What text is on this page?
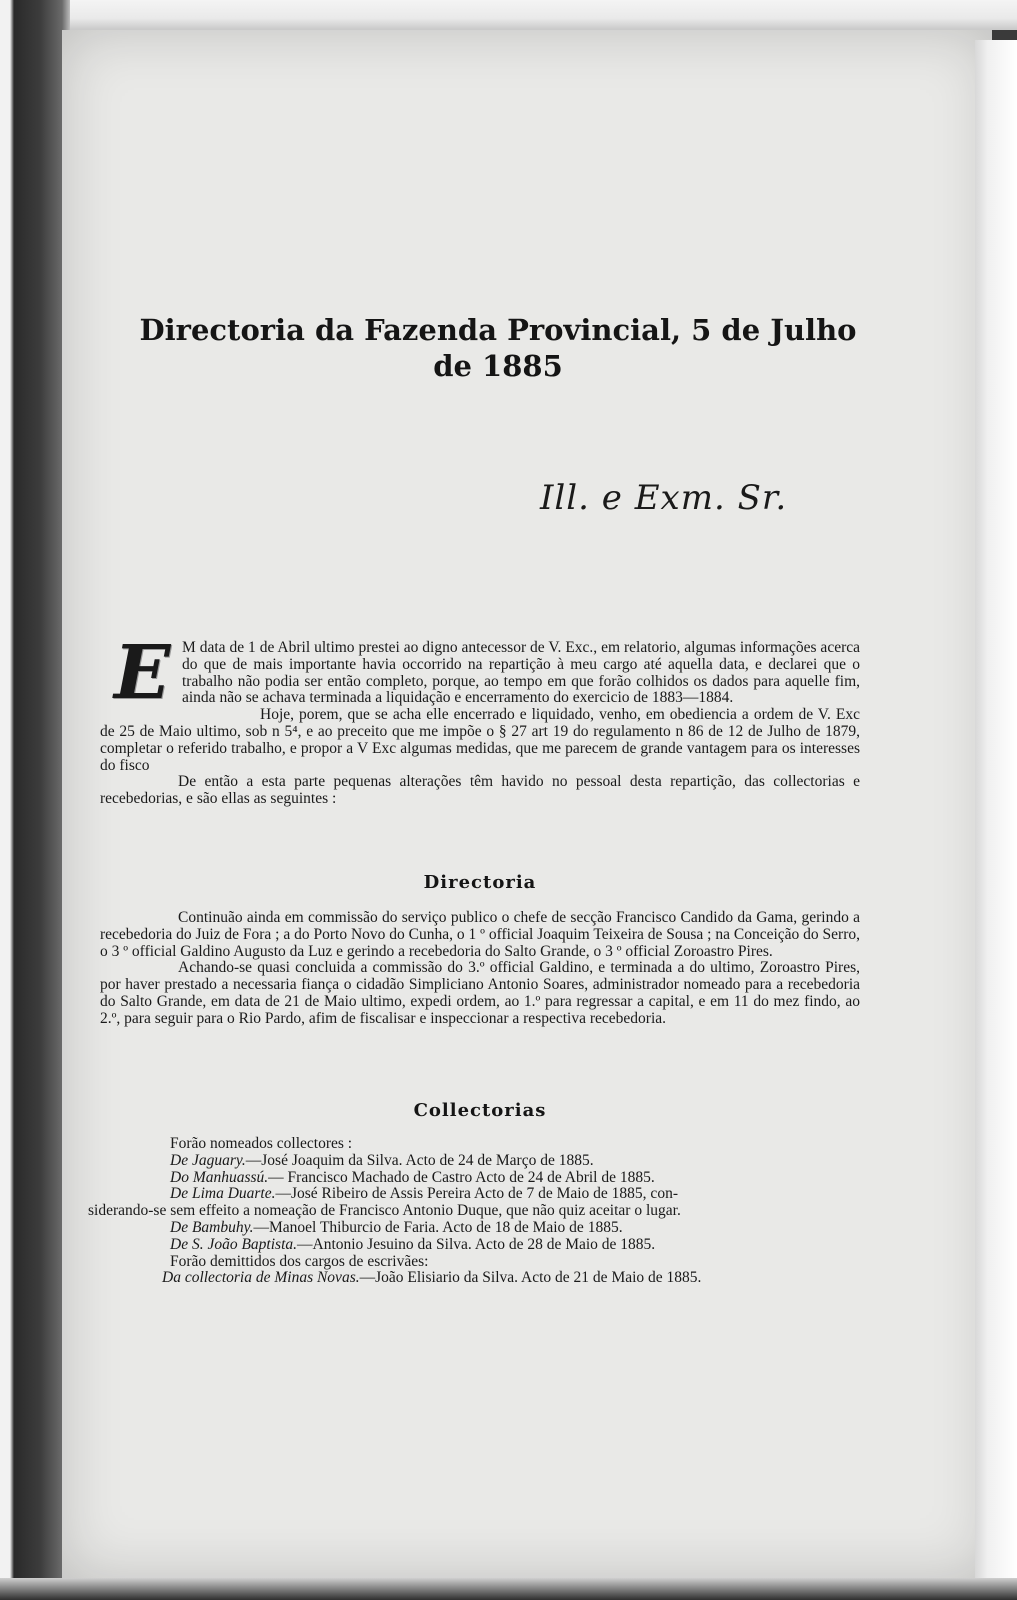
Directoria da Fazenda Provincial, 5 de Julho
de 1885
Ill. e Exm. Sr.
E M data de 1 de Abril ultimo prestei ao digno antecessor de V. Exc., em relatorio, algumas informações acerca do que de mais importante havia occorrido na repartição à meu cargo até aquella data, e declarei que o trabalho não podia ser então completo, porque, ao tempo em que forão colhidos os dados para aquelle fim, ainda não se achava terminada a liquidação e encerramento do exercicio de 1883—1884.

Hoje, porem, que se acha elle encerrado e liquidado, venho, em obediencia a ordem de V. Exc de 25 de Maio ultimo, sob n 5⁴, e ao preceito que me impõe o § 27 art 19 do regulamento n 86 de 12 de Julho de 1879, completar o referido trabalho, e propor a V Exc algumas medidas, que me parecem de grande vantagem para os interesses do fisco

De então a esta parte pequenas alterações têm havido no pessoal desta repartição, das collectorias e recebedorias, e são ellas as seguintes :

Directoria

Continuão ainda em commissão do serviço publico o chefe de secção Francisco Candido da Gama, gerindo a recebedoria do Juiz de Fora ; a do Porto Novo do Cunha, o 1 º official Joaquim Teixeira de Sousa ; na Conceição do Serro, o 3 º official Galdino Augusto da Luz e gerindo a recebedoria do Salto Grande, o 3 º official Zoroastro Pires.

Achando-se quasi concluida a commissão do 3.º official Galdino, e terminada a do ultimo, Zoroastro Pires, por haver prestado a necessaria fiança o cidadão Simpliciano Antonio Soares, administrador nomeado para a recebedoria do Salto Grande, em data de 21 de Maio ultimo, expedi ordem, ao 1.º para regressar a capital, e em 11 do mez findo, ao 2.º, para seguir para o Rio Pardo, afim de fiscalisar e inspeccionar a respectiva recebedoria.

Collectorias

Forão nomeados collectores :

De Jaguary.—José Joaquim da Silva. Acto de 24 de Março de 1885.

Do Manhuassú.— Francisco Machado de Castro Acto de 24 de Abril de 1885.

De Lima Duarte.—José Ribeiro de Assis Pereira Acto de 7 de Maio de 1885, con-

siderando-se sem effeito a nomeação de Francisco Antonio Duque, que não quiz aceitar o lugar.

De Bambuhy.—Manoel Thiburcio de Faria. Acto de 18 de Maio de 1885.

De S. João Baptista.—Antonio Jesuino da Silva. Acto de 28 de Maio de 1885.

Forão demittidos dos cargos de escrivães:

Da collectoria de Minas Novas.—João Elisiario da Silva. Acto de 21 de Maio de 1885.
